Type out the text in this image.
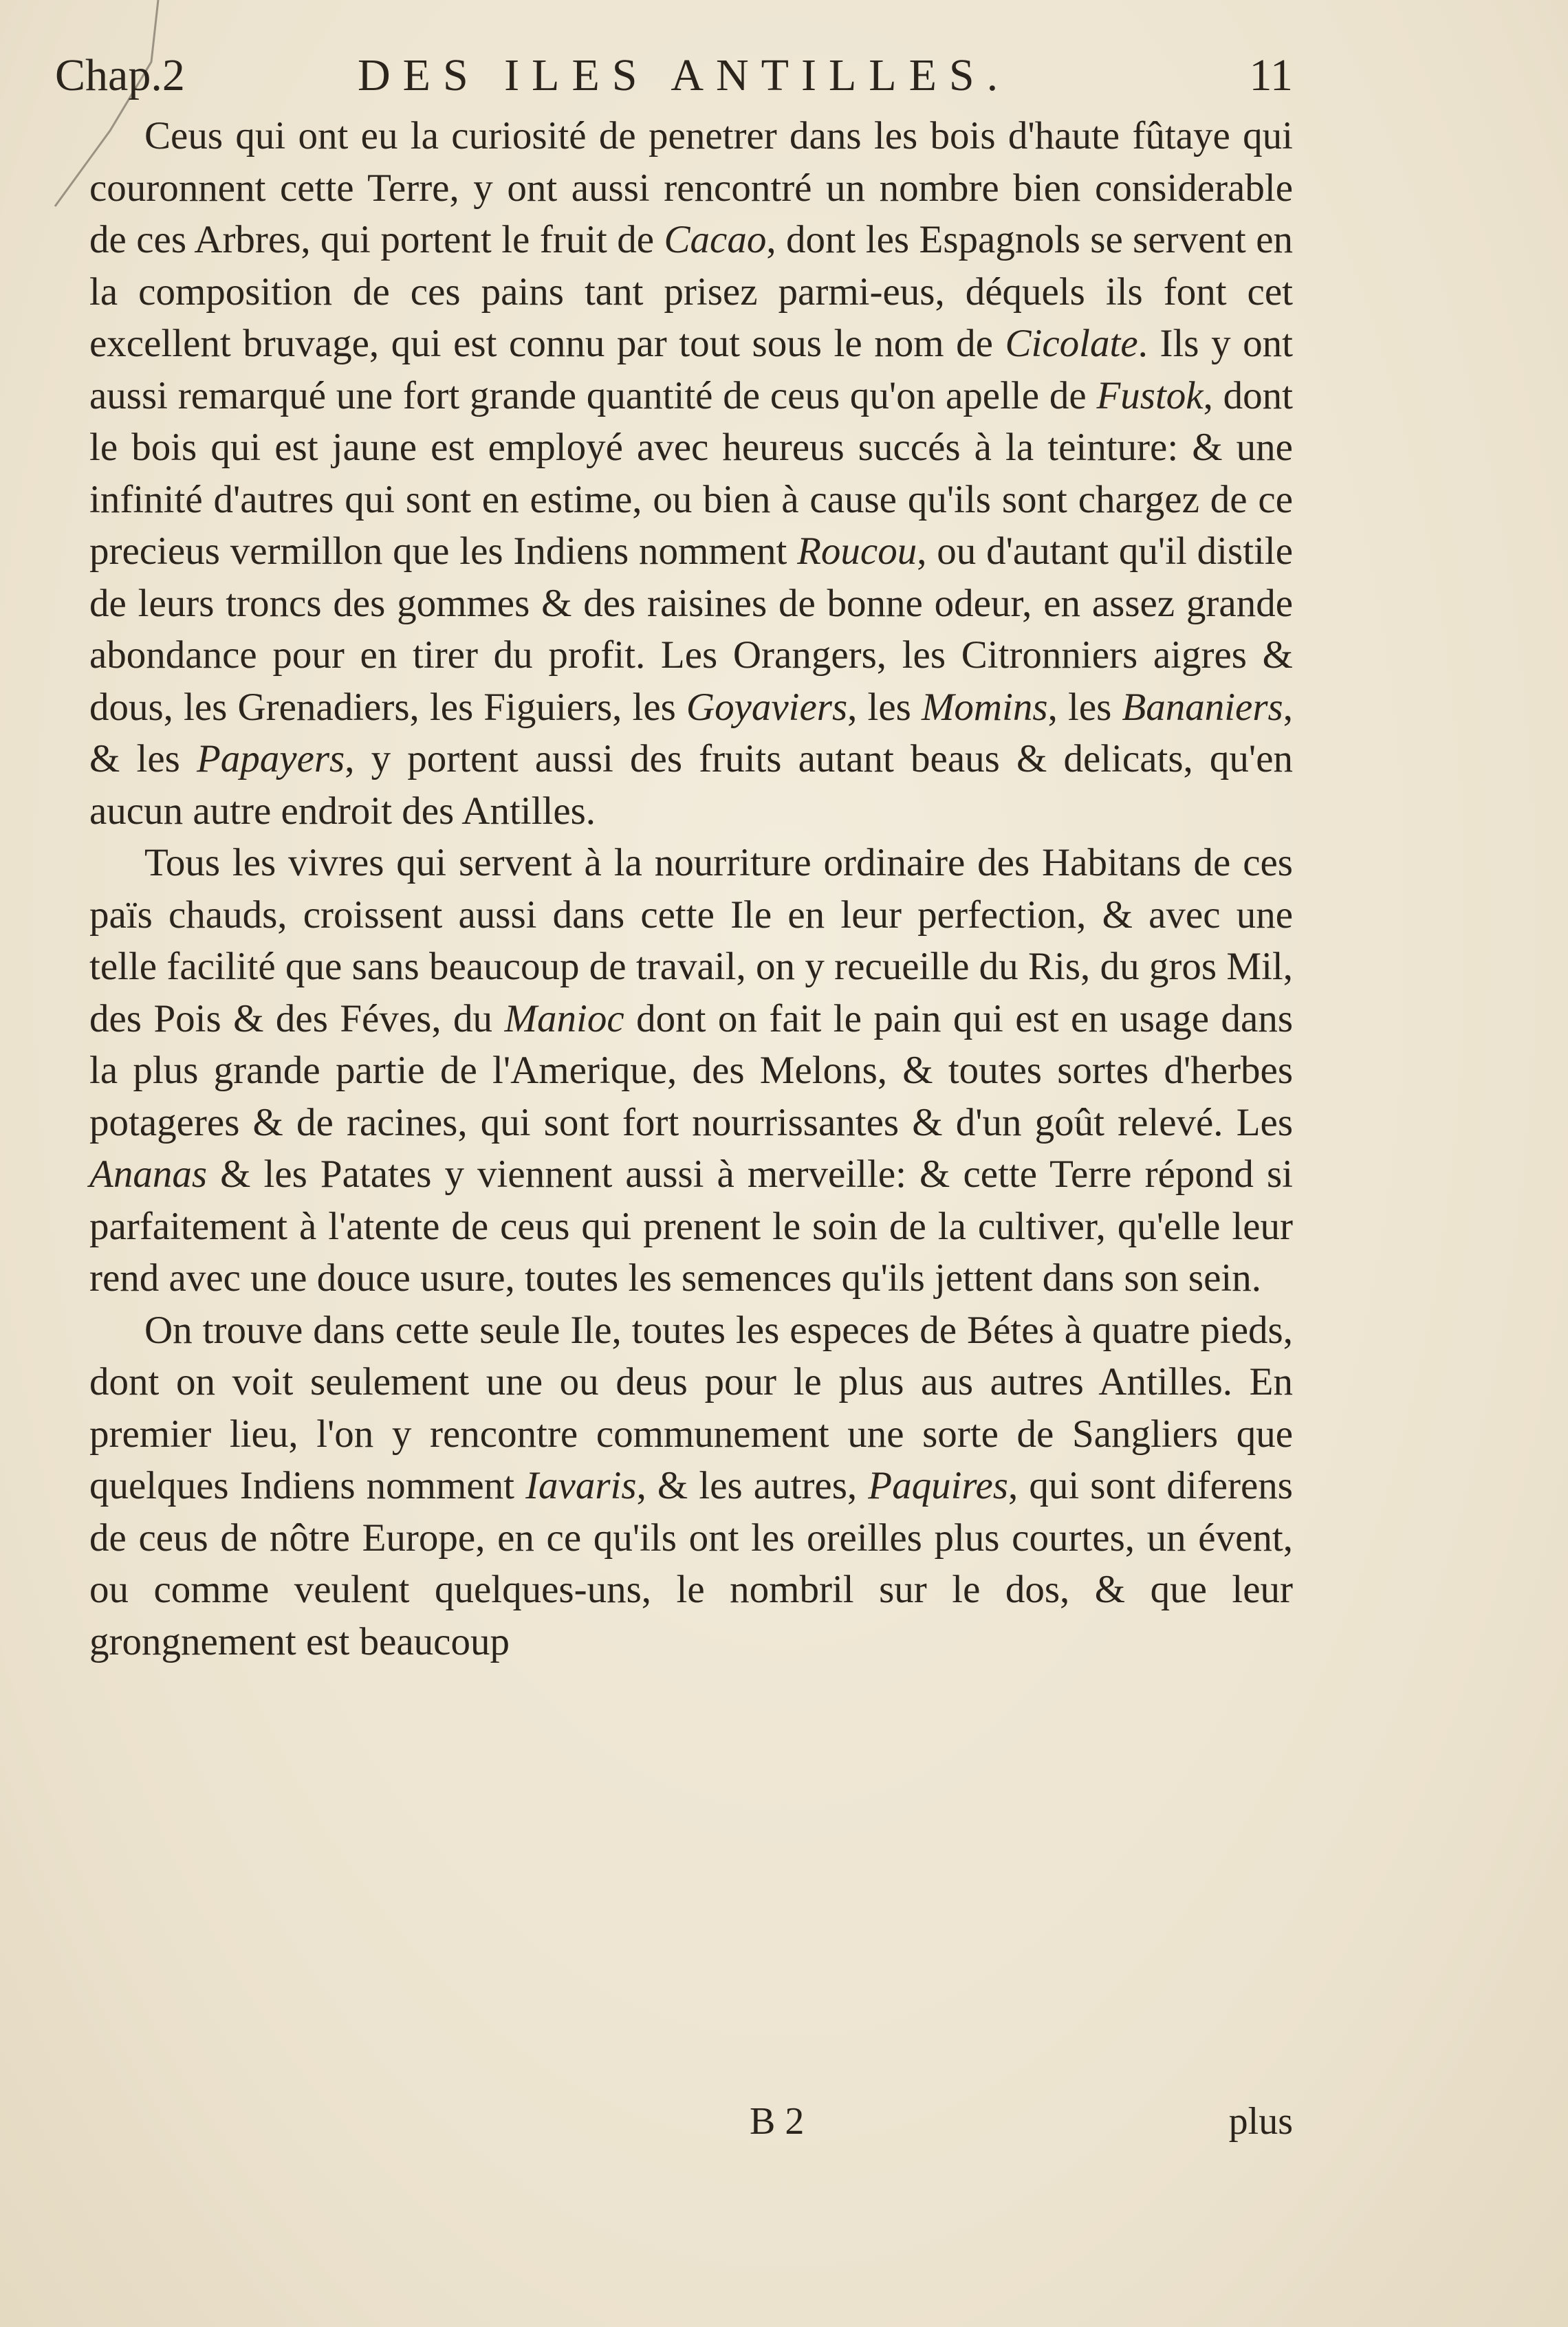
Chap.2	DES ILES ANTILLES.	11

Ceus qui ont eu la curiosité de penetrer dans les bois d'haute fûtaye qui couronnent cette Terre, y ont aussi rencontré un nombre bien considerable de ces Arbres, qui portent le fruit de Cacao, dont les Espagnols se servent en la composition de ces pains tant prisez parmi-eus, déquels ils font cet excellent bruvage, qui est connu par tout sous le nom de Cicolate. Ils y ont aussi remarqué une fort grande quantité de ceus qu'on apelle de Fustok, dont le bois qui est jaune est employé avec heureus succés à la teinture: & une infinité d'autres qui sont en estime, ou bien à cause qu'ils sont chargez de ce precieus vermillon que les Indiens nomment Roucou, ou d'autant qu'il distile de leurs troncs des gommes & des raisines de bonne odeur, en assez grande abondance pour en tirer du profit. Les Orangers, les Citronniers aigres & dous, les Grenadiers, les Figuiers, les Goyaviers, les Momins, les Bananiers, & les Papayers, y portent aussi des fruits autant beaus & delicats, qu'en aucun autre endroit des Antilles.

Tous les vivres qui servent à la nourriture ordinaire des Habitans de ces païs chauds, croissent aussi dans cette Ile en leur perfection, & avec une telle facilité que sans beaucoup de travail, on y recueille du Ris, du gros Mil, des Pois & des Féves, du Manioc dont on fait le pain qui est en usage dans la plus grande partie de l'Amerique, des Melons, & toutes sortes d'herbes potageres & de racines, qui sont fort nourrissantes & d'un goût relevé. Les Ananas & les Patates y viennent aussi à merveille: & cette Terre répond si parfaitement à l'atente de ceus qui prenent le soin de la cultiver, qu'elle leur rend avec une douce usure, toutes les semences qu'ils jettent dans son sein.

On trouve dans cette seule Ile, toutes les especes de Bétes à quatre pieds, dont on voit seulement une ou deus pour le plus aus autres Antilles. En premier lieu, l'on y rencontre communement une sorte de Sangliers que quelques Indiens nomment Iavaris, & les autres, Paquires, qui sont diferens de ceus de nôtre Europe, en ce qu'ils ont les oreilles plus courtes, un évent, ou comme veulent quelques-uns, le nombril sur le dos, & que leur grongnement est beaucoup

B 2	plus
